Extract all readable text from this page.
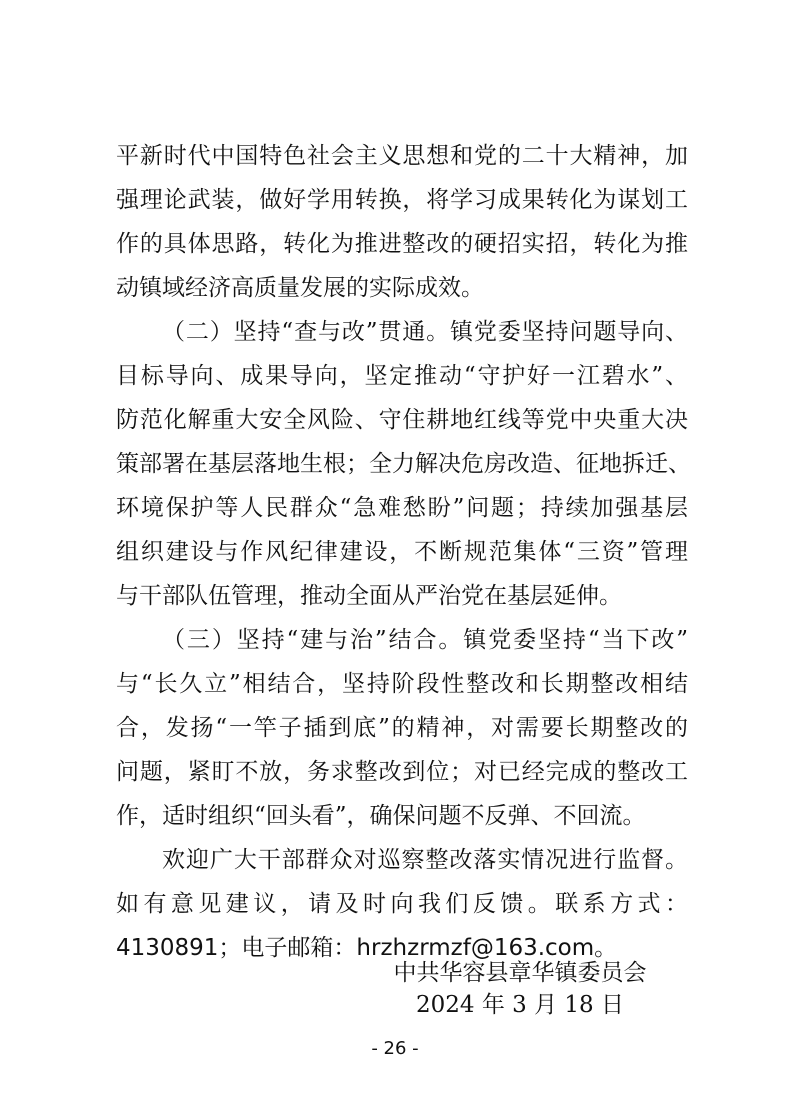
平新时代中国特色社会主义思想和党的二十大精神，加
强理论武装，做好学用转换，将学习成果转化为谋划工
作的具体思路，转化为推进整改的硬招实招，转化为推
动镇域经济高质量发展的实际成效。
（二）坚持“查与改”贯通。镇党委坚持问题导向、
目标导向、成果导向，坚定推动“守护好一江碧水”、
防范化解重大安全风险、守住耕地红线等党中央重大决
策部署在基层落地生根；全力解决危房改造、征地拆迁、
环境保护等人民群众“急难愁盼”问题；持续加强基层
组织建设与作风纪律建设，不断规范集体“三资”管理
与干部队伍管理，推动全面从严治党在基层延伸。
（三）坚持“建与治”结合。镇党委坚持“当下改”
与“长久立”相结合，坚持阶段性整改和长期整改相结
合，发扬“一竿子插到底”的精神，对需要长期整改的
问题，紧盯不放，务求整改到位；对已经完成的整改工
作，适时组织“回头看”，确保问题不反弹、不回流。
欢迎广大干部群众对巡察整改落实情况进行监督。
如有意见建议，请及时向我们反馈。联系方式：
4130891；电子邮箱：hrzhzrmzf@163.com。
中共华容县章华镇委员会
2024 年 3 月 18 日
- 26 -
